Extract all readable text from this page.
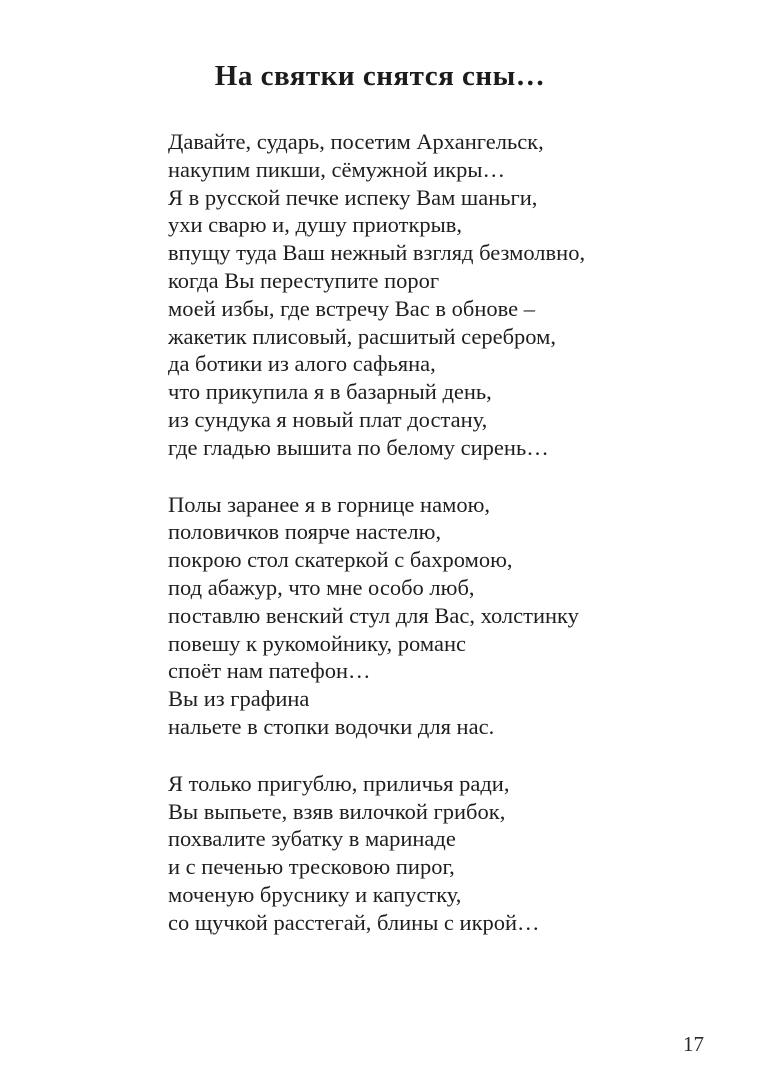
На святки снятся сны…
Давайте, сударь, посетим Архангельск,
накупим пикши, сёмужной икры…
Я в русской печке испеку Вам шаньги,
ухи сварю и, душу приоткрыв,
впущу туда Ваш нежный взгляд безмолвно,
когда Вы переступите порог
моей избы, где встречу Вас в обнове –
жакетик плисовый, расшитый серебром,
да ботики из алого сафьяна,
что прикупила я в базарный день,
из сундука я новый плат достану,
где гладью вышита по белому сирень…
Полы заранее я в горнице намою,
половичков поярче настелю,
покрою стол скатеркой с бахромою,
под абажур, что мне особо люб,
поставлю венский стул для Вас, холстинку
повешу к рукомойнику, романс
споёт нам патефон…
Вы из графина
нальете в стопки водочки для нас.
Я только пригублю, приличья ради,
Вы выпьете, взяв вилочкой грибок,
похвалите зубатку в маринаде
и с печенью тресковою пирог,
моченую бруснику и капустку,
со щучкой расстегай, блины с икрой…
17
